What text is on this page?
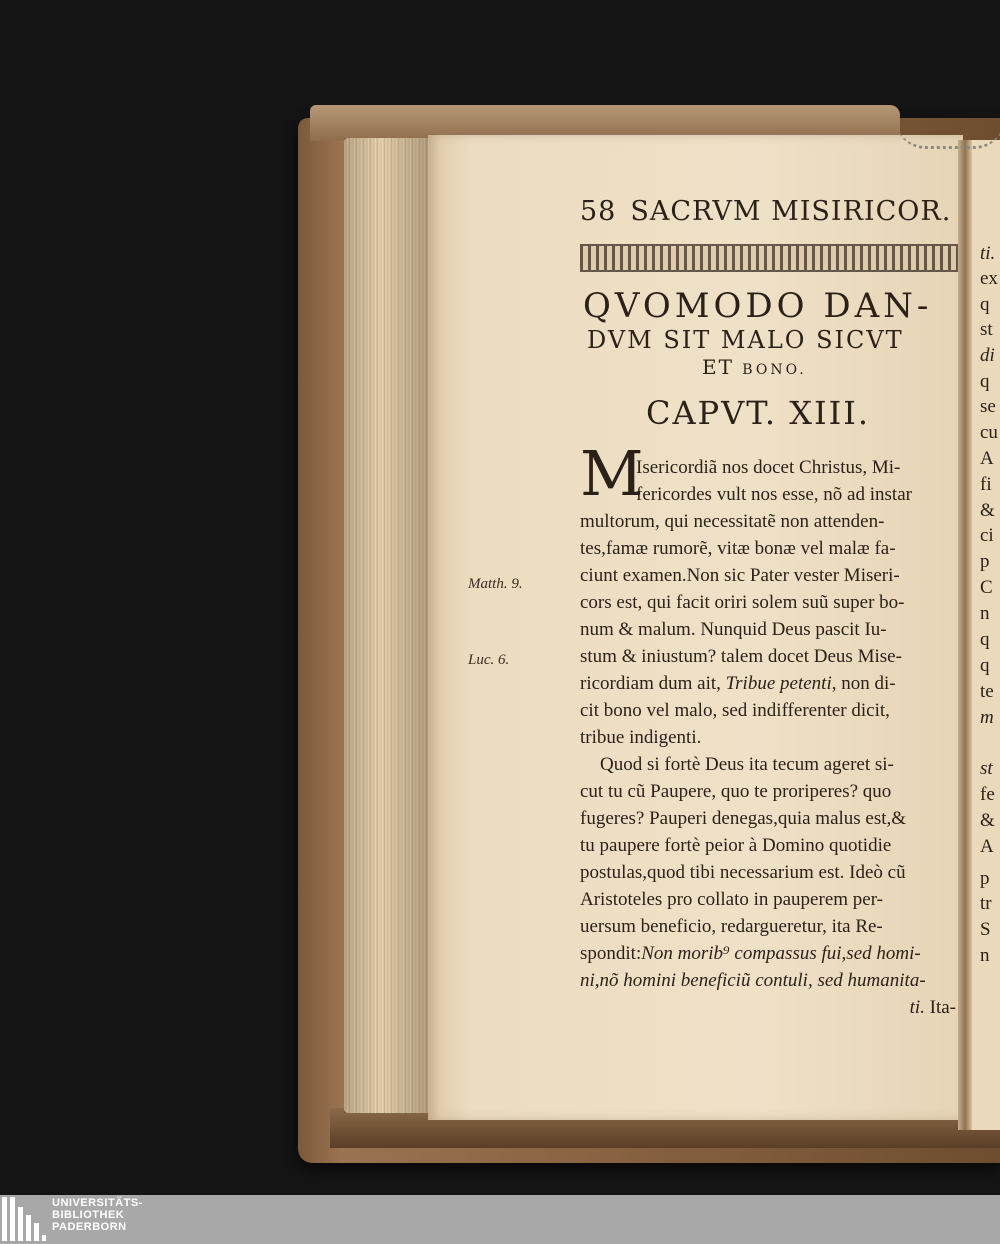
58 SACRVM MISIRICOR.
QVOMODO DAN-
DVM SIT MALO SICVT
ET BONO.
CAPVT. XIII.
M
Isericordiã nos docet Christus, Mi-
fericordes vult nos esse, nõ ad instar
multorum, qui necessitatẽ non attenden-
tes,famæ rumorẽ, vitæ bonæ vel malæ fa-
ciunt examen.Non sic Pater vester Miseri-
cors est, qui facit oriri solem suũ super bo-
num & malum. Nunquid Deus pascit Iu-
stum & iniustum? talem docet Deus Mise-
ricordiam dum ait, Tribue petenti, non di-
cit bono vel malo, sed indifferenter dicit,
tribue indigenti.
Quod si fortè Deus ita tecum ageret si-
cut tu cũ Paupere, quo te proriperes? quo
fugeres? Pauperi denegas,quia malus est,&
tu paupere fortè peior à Domino quotidie
postulas,quod tibi necessarium est. Ideò cũ
Aristoteles pro collato in pauperem per-
uersum beneficio, redargueretur, ita Re-
spondit:Non morib⁹ compassus fui,sed homi-
ni,nõ homini beneficiũ contuli, sed humanita-
ti. Ita-
Matth. 9.
Luc. 6.
ti.
ex
q
st
di
q
se
cu
A
fi
&
ci
p
C
n
q
q
te
m
st
fe
&
A
p
tr
S
n
UNIVERSITÄTS-
BIBLIOTHEK
PADERBORN
